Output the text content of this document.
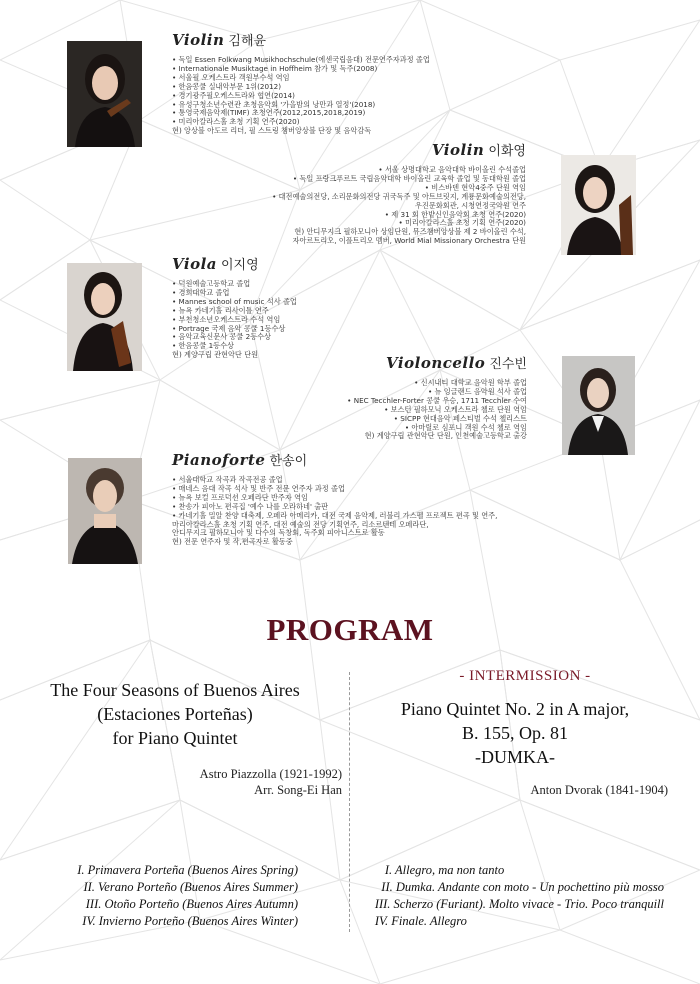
Violin 김해윤
• 독일 Essen Folkwang Musikhochschule(에센국립음대) 전문연주자과정 졸업
• Internationale Musiktage in Hoffheim 참가 및 독주(2008)
• 서울필 오케스트라 객원부수석 역임
• 한음콩쿨 실내악부문 1위(2012)
• 경기광주필오케스트라와 협연(2014)
• 유성구청소년수련관 초청음악회 '가을밤의 낭만과 열정'(2018)
• 통영국제음악제(TIMF) 초청연주(2012,2015,2018,2019)
• 미리아칼라스홀 초청 기획 연주(2020)
현) 앙상블 아도르 리더, 필 스트링 챔버앙상블 단장 및 음악감독
Violin 이화영
• 서울 상명대학교 음악대학 바이올린 수석졸업
• 독일 프랑크푸르트 국립음악대학 바이올린 교육학 졸업 및 동대학원 졸업
• 비스바덴 현악4중주 단원 역임
• 대전예술의전당, 소리문화의전당 귀국독주 및 아트브릿지, 계룡문화예술의전당,
우진문화회관, 시청연정국악원 연주
• 제 31 회 한밭신인음악회 초청 연주(2020)
• 미리아칼라스홀 초청 기획 연주(2020)
현) 안디무지크 필하모니아 상임단원, 뮤즈챔버앙상블 제 2 바이올린 수석,
자아르트리오, 이플트리오 멤버, World Mial Missionary Orchestra 단원
Viola 이지영
• 덕원예술고등학교 졸업
• 경희대학교 졸업
• Mannes school of music 석사 졸업
• 뉴욕 카네기홀 리사이틀 연주
• 부천청소년오케스트라 수석 역임
• Portrage 국제 음악 콩쿨 1등수상
• 음악교육신문사 콩쿨 2등수상
• 한음콩쿨 1등수상
현) 계양구립 관현악단 단원	Violoncello 진수빈
• 신시내티 대학교 음악원 학부 졸업
• 뉴 잉글랜드 음악원 석사 졸업
• NEC Tecchler-Forter 콩쿨 우승, 1711 Tecchler 수여
• 보스턴 필하모닉 오케스트라 첼로 단원 역임
• SICPP 현대음악 페스티벌 수석 첼리스트
• 아마릴로 심포니 객원 수석 첼로 역임
현) 계양구립 관현악단 단원, 인천예술고등학교 출강
Pianoforte 한송이
• 서울대학교 작곡과 작곡전공 졸업
• 매네스 음대 작곡 석사 및 반주 전문 연주자 과정 졸업
• 뉴욕 보컬 프로덕션 오페라단 반주자 역임
• 찬송가 피아노 편곡집 '예수 나를 오라하네' 출판
• 카네기홀 밀알 찬양 대축제, 오페라 아메리카, 대전 국제 음악제, 러블리 가스펠 프로젝트 편곡 및 연주,
마리아칼라스홀 초청 기획 연주, 대전 예술의 전당 기획연주, 리소르텐테 오페라단,
안디무지크 필하모니아 및 다수의 독창회, 독주회 피아니스트로 활동
현) 전문 연주자 및 작,편곡자로 활동중
PROGRAM
The Four Seasons of Buenos Aires
(Estaciones Porteñas)
for Piano Quintet
Astro Piazzolla (1921-1992)
Arr. Song-Ei Han
- INTERMISSION -
Piano Quintet No. 2 in A major,
B. 155, Op. 81
-DUMKA-
Anton Dvorak (1841-1904)
I. Primavera Porteña (Buenos Aires Spring)
II. Verano Porteño (Buenos Aires Summer)
III. Otoño Porteño (Buenos Aires Autumn)
IV. Invierno Porteño (Buenos Aires Winter)
I. Allegro, ma non tanto
II. Dumka. Andante con moto - Un pochettino più mosso
III. Scherzo (Furiant). Molto vivace - Trio. Poco tranquill
IV. Finale. Allegro
